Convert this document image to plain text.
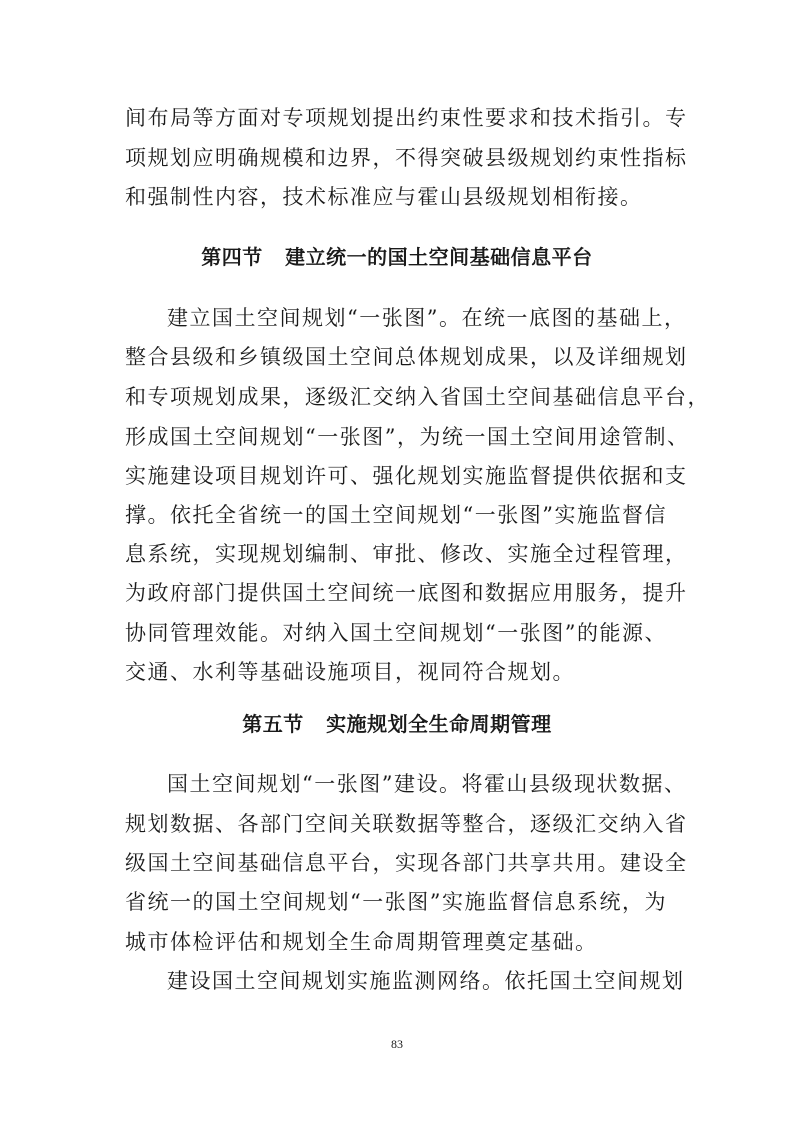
间布局等方面对专项规划提出约束性要求和技术指引。专
项规划应明确规模和边界，不得突破县级规划约束性指标
和强制性内容，技术标准应与霍山县级规划相衔接。
第四节   建立统一的国土空间基础信息平台
建立国土空间规划“一张图”。在统一底图的基础上，
整合县级和乡镇级国土空间总体规划成果，以及详细规划
和专项规划成果，逐级汇交纳入省国土空间基础信息平台，
形成国土空间规划“一张图”，为统一国土空间用途管制、
实施建设项目规划许可、强化规划实施监督提供依据和支
撑。依托全省统一的国土空间规划“一张图”实施监督信
息系统，实现规划编制、审批、修改、实施全过程管理，
为政府部门提供国土空间统一底图和数据应用服务，提升
协同管理效能。对纳入国土空间规划“一张图”的能源、
交通、水利等基础设施项目，视同符合规划。
第五节   实施规划全生命周期管理
国土空间规划“一张图”建设。将霍山县级现状数据、
规划数据、各部门空间关联数据等整合，逐级汇交纳入省
级国土空间基础信息平台，实现各部门共享共用。建设全
省统一的国土空间规划“一张图”实施监督信息系统，为
城市体检评估和规划全生命周期管理奠定基础。
建设国土空间规划实施监测网络。依托国土空间规划
83
